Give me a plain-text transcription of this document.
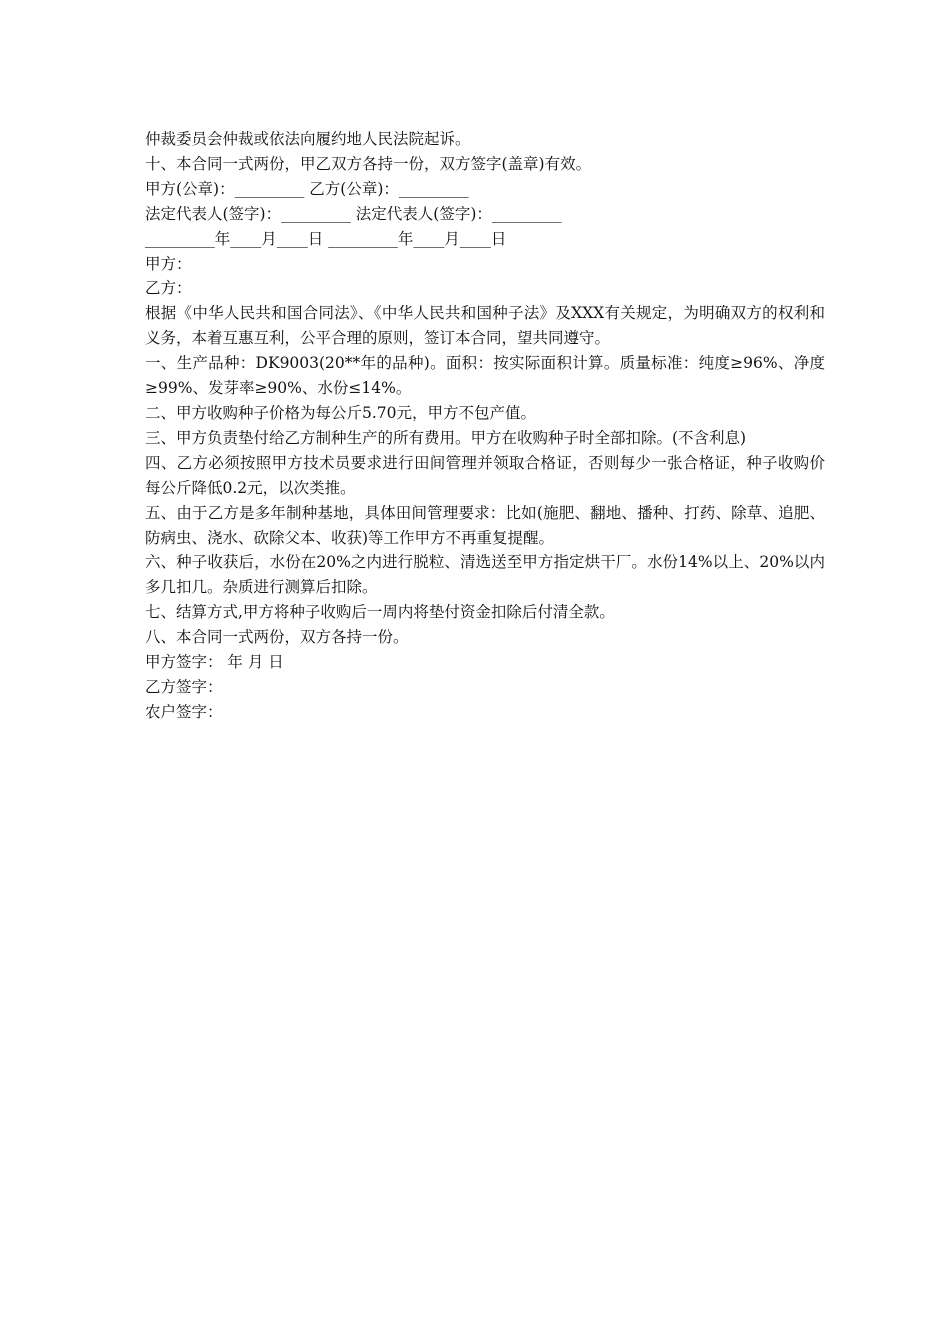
仲裁委员会仲裁或依法向履约地人民法院起诉。

十、本合同一式两份，甲乙双方各持一份，双方签字(盖章)有效。

甲方(公章)：_________ 乙方(公章)：_________

法定代表人(签字)：_________ 法定代表人(签字)：_________

_________年____月____日 _________年____月____日

甲方：

乙方：

根据《中华人民共和国合同法》、《中华人民共和国种子法》及XXX有关规定，为明确双方的权利和义务，本着互惠互利，公平合理的原则，签订本合同，望共同遵守。

一、生产品种：DK9003(20**年的品种)。面积：按实际面积计算。质量标准：纯度≥96%、净度≥99%、发芽率≥90%、水份≤14%。

二、甲方收购种子价格为每公斤5.70元，甲方不包产值。

三、甲方负责垫付给乙方制种生产的所有费用。甲方在收购种子时全部扣除。(不含利息)

四、乙方必须按照甲方技术员要求进行田间管理并领取合格证，否则每少一张合格证，种子收购价每公斤降低0.2元，以次类推。

五、由于乙方是多年制种基地，具体田间管理要求：比如(施肥、翻地、播种、打药、除草、追肥、防病虫、浇水、砍除父本、收获)等工作甲方不再重复提醒。

六、种子收获后，水份在20%之内进行脱粒、清选送至甲方指定烘干厂。水份14%以上、20%以内多几扣几。杂质进行测算后扣除。

七、结算方式,甲方将种子收购后一周内将垫付资金扣除后付清全款。

八、本合同一式两份，双方各持一份。

甲方签字： 年 月 日

乙方签字：

农户签字：
